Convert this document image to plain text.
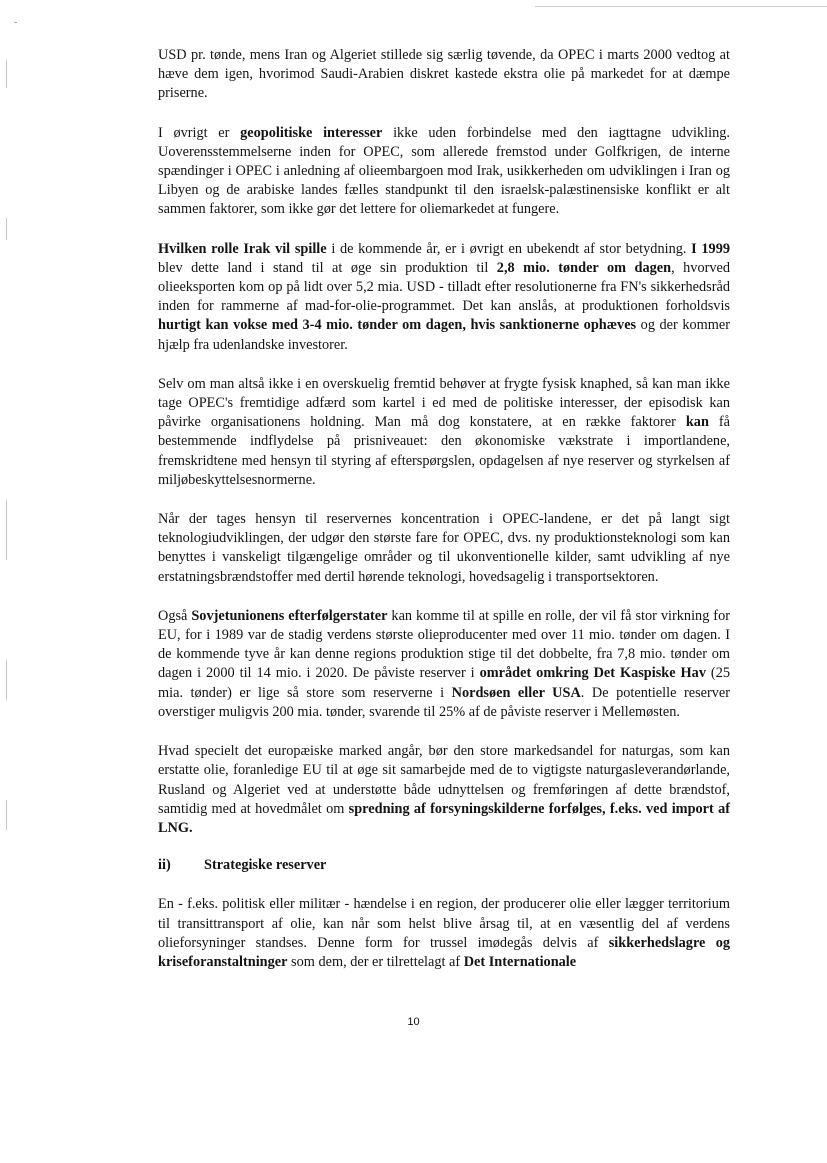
-

USD pr. tønde, mens Iran og Algeriet stillede sig særlig tøvende, da OPEC i marts 2000 vedtog at hæve dem igen, hvorimod Saudi-Arabien diskret kastede ekstra olie på markedet for at dæmpe priserne.

I øvrigt er geopolitiske interesser ikke uden forbindelse med den iagttagne udvikling. Uoverensstemmelserne inden for OPEC, som allerede fremstod under Golfkrigen, de interne spændinger i OPEC i anledning af olieembargoen mod Irak, usikkerheden om udviklingen i Iran og Libyen og de arabiske landes fælles standpunkt til den israelsk-palæstinensiske konflikt er alt sammen faktorer, som ikke gør det lettere for oliemarkedet at fungere.

Hvilken rolle Irak vil spille i de kommende år, er i øvrigt en ubekendt af stor betydning. I 1999 blev dette land i stand til at øge sin produktion til 2,8 mio. tønder om dagen, hvorved olieeksporten kom op på lidt over 5,2 mia. USD - tilladt efter resolutionerne fra FN's sikkerhedsråd inden for rammerne af mad-for-olie-programmet. Det kan anslås, at produktionen forholdsvis hurtigt kan vokse med 3-4 mio. tønder om dagen, hvis sanktionerne ophæves og der kommer hjælp fra udenlandske investorer.

Selv om man altså ikke i en overskuelig fremtid behøver at frygte fysisk knaphed, så kan man ikke tage OPEC's fremtidige adfærd som kartel i ed med de politiske interesser, der episodisk kan påvirke organisationens holdning. Man må dog konstatere, at en række faktorer kan få bestemmende indflydelse på prisniveauet: den økonomiske vækstrate i importlandene, fremskridtene med hensyn til styring af efterspørgslen, opdagelsen af nye reserver og styrkelsen af miljøbeskyttelsesnormerne.

Når der tages hensyn til reservernes koncentration i OPEC-landene, er det på langt sigt teknologiudviklingen, der udgør den største fare for OPEC, dvs. ny produktionsteknologi som kan benyttes i vanskeligt tilgængelige områder og til ukonventionelle kilder, samt udvikling af nye erstatningsbrændstoffer med dertil hørende teknologi, hovedsagelig i transportsektoren.

Også Sovjetunionens efterfølgerstater kan komme til at spille en rolle, der vil få stor virkning for EU, for i 1989 var de stadig verdens største olieproducenter med over 11 mio. tønder om dagen. I de kommende tyve år kan denne regions produktion stige til det dobbelte, fra 7,8 mio. tønder om dagen i 2000 til 14 mio. i 2020. De påviste reserver i området omkring Det Kaspiske Hav (25 mia. tønder) er lige så store som reserverne i Nordsøen eller USA. De potentielle reserver overstiger muligvis 200 mia. tønder, svarende til 25% af de påviste reserver i Mellemøsten.

Hvad specielt det europæiske marked angår, bør den store markedsandel for naturgas, som kan erstatte olie, foranledige EU til at øge sit samarbejde med de to vigtigste naturgasleverandørlande, Rusland og Algeriet ved at understøtte både udnyttelsen og fremføringen af dette brændstof, samtidig med at hovedmålet om spredning af forsyningskilderne forfølges, f.eks. ved import af LNG.

ii)	Strategiske reserver

En - f.eks. politisk eller militær - hændelse i en region, der producerer olie eller lægger territorium til transittransport af olie, kan når som helst blive årsag til, at en væsentlig del af verdens olieforsyninger standses. Denne form for trussel imødegås delvis af sikkerhedslagre og kriseforanstaltninger som dem, der er tilrettelagt af Det Internationale

10
